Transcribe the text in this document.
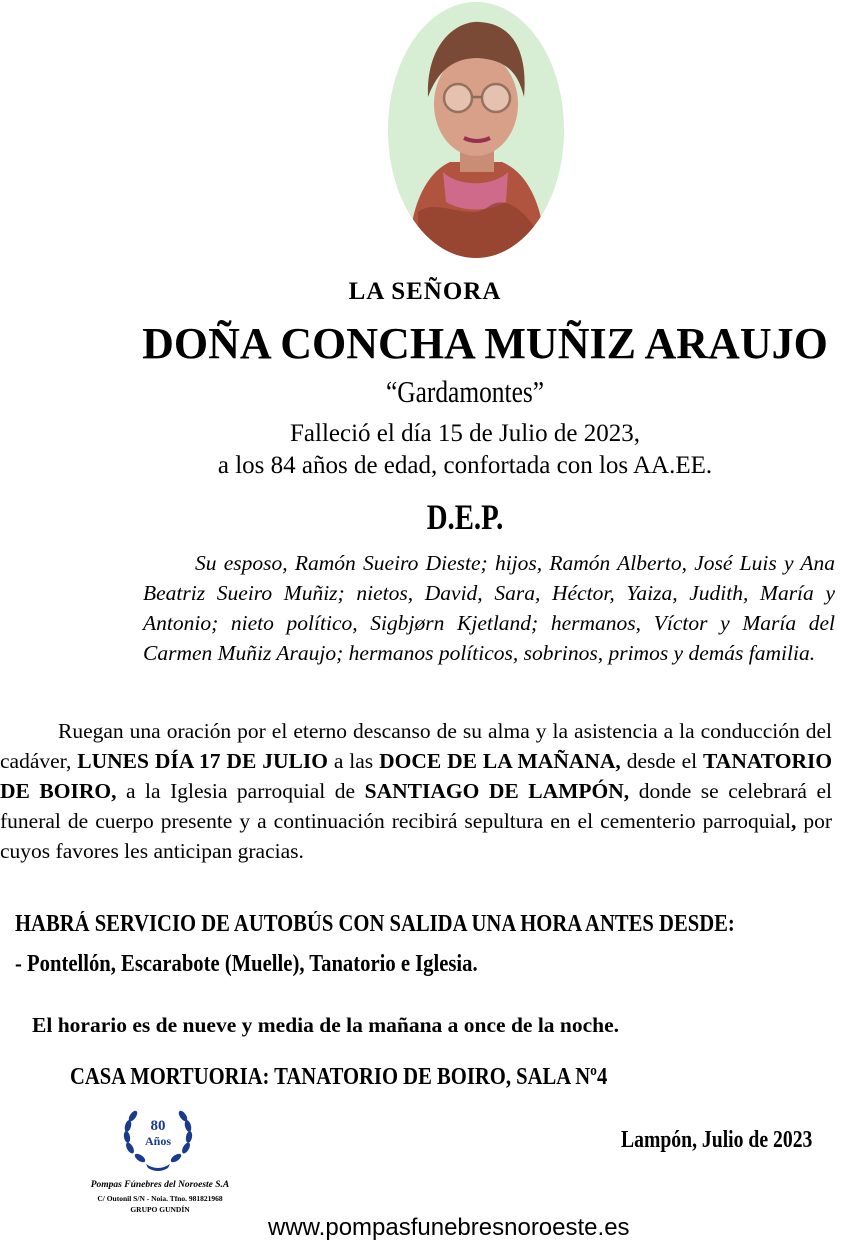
LA SEÑORA
DOÑA CONCHA MUÑIZ ARAUJO
“Gardamontes”
Falleció el día 15 de Julio de 2023,
a los 84 años de edad, confortada con los AA.EE.
D.E.P.
Su esposo, Ramón Sueiro Dieste; hijos, Ramón Alberto, José Luis y Ana Beatriz Sueiro Muñiz; nietos, David, Sara, Héctor, Yaiza, Judith, María y Antonio; nieto político, Sigbjørn Kjetland; hermanos, Víctor y María del Carmen Muñiz Araujo; hermanos políticos, sobrinos, primos y demás familia.
Ruegan una oración por el eterno descanso de su alma y la asistencia a la conducción del cadáver, LUNES DÍA 17 DE JULIO a las DOCE DE LA MAÑANA, desde el TANATORIO DE BOIRO, a la Iglesia parroquial de SANTIAGO DE LAMPÓN, donde se celebrará el funeral de cuerpo presente y a continuación recibirá sepultura en el cementerio parroquial, por cuyos favores les anticipan gracias.
HABRÁ SERVICIO DE AUTOBÚS CON SALIDA UNA HORA ANTES DESDE:
- Pontellón, Escarabote (Muelle), Tanatorio e Iglesia.
El horario es de nueve y media de la mañana a once de la noche.
CASA MORTUORIA: TANATORIO DE BOIRO, SALA Nº4
Lampón, Julio de 2023
80
Años
Pompas Fúnebres del Noroeste S.A
C/ Outonil S/N - Noia. Tfno. 981821968
GRUPO GUNDÍN
www.pompasfunebresnoroeste.es
